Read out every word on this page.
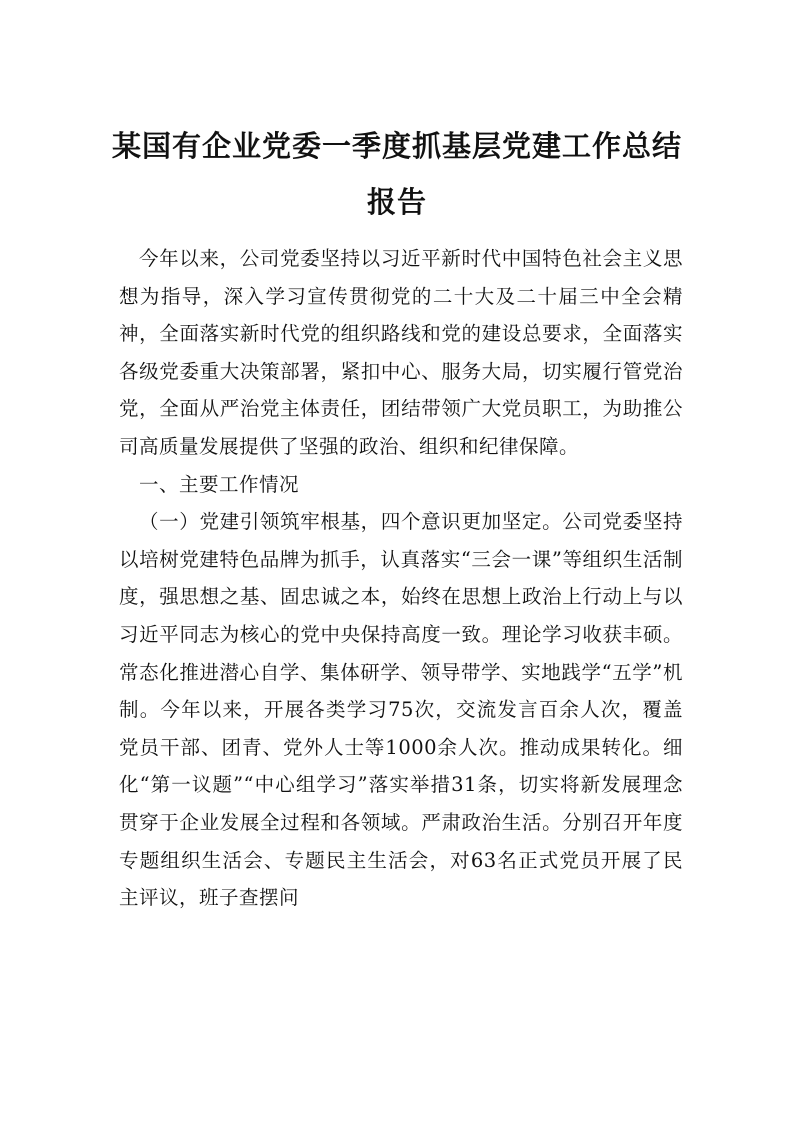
某国有企业党委一季度抓基层党建工作总结报告

今年以来，公司党委坚持以习近平新时代中国特色社会主义思想为指导，深入学习宣传贯彻党的二十大及二十届三中全会精神，全面落实新时代党的组织路线和党的建设总要求，全面落实各级党委重大决策部署，紧扣中心、服务大局，切实履行管党治党，全面从严治党主体责任，团结带领广大党员职工，为助推公司高质量发展提供了坚强的政治、组织和纪律保障。

一、主要工作情况

（一）党建引领筑牢根基，四个意识更加坚定。公司党委坚持以培树党建特色品牌为抓手，认真落实“三会一课”等组织生活制度，强思想之基、固忠诚之本，始终在思想上政治上行动上与以习近平同志为核心的党中央保持高度一致。理论学习收获丰硕。常态化推进潜心自学、集体研学、领导带学、实地践学“五学”机制。今年以来，开展各类学习75次，交流发言百余人次，覆盖党员干部、团青、党外人士等1000余人次。推动成果转化。细化“第一议题”“中心组学习”落实举措31条，切实将新发展理念贯穿于企业发展全过程和各领域。严肃政治生活。分别召开年度专题组织生活会、专题民主生活会，对63名正式党员开展了民主评议，班子查摆问
